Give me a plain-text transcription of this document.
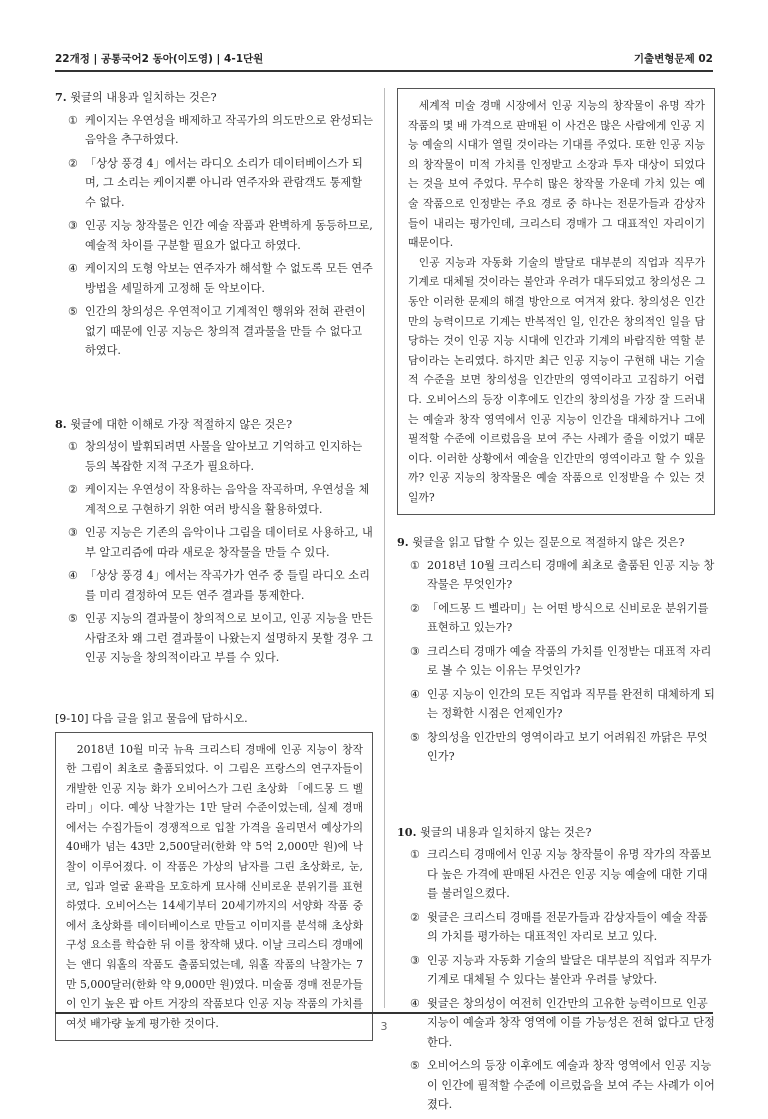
22개정 | 공통국어2 동아(이도영) | 4-1단원	기출변형문제 02

7. 윗글의 내용과 일치하는 것은?

① 케이지는 우연성을 배제하고 작곡가의 의도만으로 완성되는 음악을 추구하였다.
② 「상상 풍경 4」에서는 라디오 소리가 데이터베이스가 되며, 그 소리는 케이지뿐 아니라 연주자와 관람객도 통제할 수 없다.
③ 인공 지능 창작물은 인간 예술 작품과 완벽하게 동등하므로, 예술적 차이를 구분할 필요가 없다고 하였다.
④ 케이지의 도형 악보는 연주자가 해석할 수 없도록 모든 연주 방법을 세밀하게 고정해 둔 악보이다.
⑤ 인간의 창의성은 우연적이고 기계적인 행위와 전혀 관련이 없기 때문에 인공 지능은 창의적 결과물을 만들 수 없다고 하였다.

8. 윗글에 대한 이해로 가장 적절하지 않은 것은?

① 창의성이 발휘되려면 사물을 알아보고 기억하고 인지하는 등의 복잡한 지적 구조가 필요하다.
② 케이지는 우연성이 작용하는 음악을 작곡하며, 우연성을 체계적으로 구현하기 위한 여러 방식을 활용하였다.
③ 인공 지능은 기존의 음악이나 그림을 데이터로 사용하고, 내부 알고리즘에 따라 새로운 창작물을 만들 수 있다.
④ 「상상 풍경 4」에서는 작곡가가 연주 중 들릴 라디오 소리를 미리 결정하여 모든 연주 결과를 통제한다.
⑤ 인공 지능의 결과물이 창의적으로 보이고, 인공 지능을 만든 사람조차 왜 그런 결과물이 나왔는지 설명하지 못할 경우 그 인공 지능을 창의적이라고 부를 수 있다.

[9-10] 다음 글을 읽고 물음에 답하시오.

2018년 10월 미국 뉴욕 크리스티 경매에 인공 지능이 창작한 그림이 최초로 출품되었다. 이 그림은 프랑스의 연구자들이 개발한 인공 지능 화가 오비어스가 그린 초상화 「에드몽 드 벨라미」이다. 예상 낙찰가는 1만 달러 수준이었는데, 실제 경매에서는 수집가들이 경쟁적으로 입찰 가격을 올리면서 예상가의 40배가 넘는 43만 2,500달러(한화 약 5억 2,000만 원)에 낙찰이 이루어졌다. 이 작품은 가상의 남자를 그린 초상화로, 눈, 코, 입과 얼굴 윤곽을 모호하게 묘사해 신비로운 분위기를 표현하였다. 오비어스는 14세기부터 20세기까지의 서양화 작품 중에서 초상화를 데이터베이스로 만들고 이미지를 분석해 초상화 구성 요소를 학습한 뒤 이를 창작해 냈다. 이날 크리스티 경매에는 앤디 워홀의 작품도 출품되었는데, 워홀 작품의 낙찰가는 7만 5,000달러(한화 약 9,000만 원)였다. 미술품 경매 전문가들이 인기 높은 팝 아트 거장의 작품보다 인공 지능 작품의 가치를 여섯 배가량 높게 평가한 것이다.

세계적 미술 경매 시장에서 인공 지능의 창작물이 유명 작가 작품의 몇 배 가격으로 판매된 이 사건은 많은 사람에게 인공 지능 예술의 시대가 열릴 것이라는 기대를 주었다. 또한 인공 지능의 창작물이 미적 가치를 인정받고 소장과 투자 대상이 되었다는 것을 보여 주었다. 무수히 많은 창작물 가운데 가치 있는 예술 작품으로 인정받는 주요 경로 중 하나는 전문가들과 감상자들이 내리는 평가인데, 크리스티 경매가 그 대표적인 자리이기 때문이다.

인공 지능과 자동화 기술의 발달로 대부분의 직업과 직무가 기계로 대체될 것이라는 불안과 우려가 대두되었고 창의성은 그동안 이러한 문제의 해결 방안으로 여겨져 왔다. 창의성은 인간만의 능력이므로 기계는 반복적인 일, 인간은 창의적인 일을 담당하는 것이 인공 지능 시대에 인간과 기계의 바람직한 역할 분담이라는 논리였다. 하지만 최근 인공 지능이 구현해 내는 기술적 수준을 보면 창의성을 인간만의 영역이라고 고집하기 어렵다. 오비어스의 등장 이후에도 인간의 창의성을 가장 잘 드러내는 예술과 창작 영역에서 인공 지능이 인간을 대체하거나 그에 필적할 수준에 이르렀음을 보여 주는 사례가 줄을 이었기 때문이다. 이러한 상황에서 예술을 인간만의 영역이라고 할 수 있을까? 인공 지능의 창작물은 예술 작품으로 인정받을 수 있는 것일까?

9. 윗글을 읽고 답할 수 있는 질문으로 적절하지 않은 것은?

① 2018년 10월 크리스티 경매에 최초로 출품된 인공 지능 창작물은 무엇인가?
② 「에드몽 드 벨라미」는 어떤 방식으로 신비로운 분위기를 표현하고 있는가?
③ 크리스티 경매가 예술 작품의 가치를 인정받는 대표적 자리로 볼 수 있는 이유는 무엇인가?
④ 인공 지능이 인간의 모든 직업과 직무를 완전히 대체하게 되는 정확한 시점은 언제인가?
⑤ 창의성을 인간만의 영역이라고 보기 어려워진 까닭은 무엇인가?

10. 윗글의 내용과 일치하지 않는 것은?

① 크리스티 경매에서 인공 지능 창작물이 유명 작가의 작품보다 높은 가격에 판매된 사건은 인공 지능 예술에 대한 기대를 불러일으켰다.
② 윗글은 크리스티 경매를 전문가들과 감상자들이 예술 작품의 가치를 평가하는 대표적인 자리로 보고 있다.
③ 인공 지능과 자동화 기술의 발달은 대부분의 직업과 직무가 기계로 대체될 수 있다는 불안과 우려를 낳았다.
④ 윗글은 창의성이 여전히 인간만의 고유한 능력이므로 인공 지능이 예술과 창작 영역에 이를 가능성은 전혀 없다고 단정한다.
⑤ 오비어스의 등장 이후에도 예술과 창작 영역에서 인공 지능이 인간에 필적할 수준에 이르렀음을 보여 주는 사례가 이어졌다.
3
